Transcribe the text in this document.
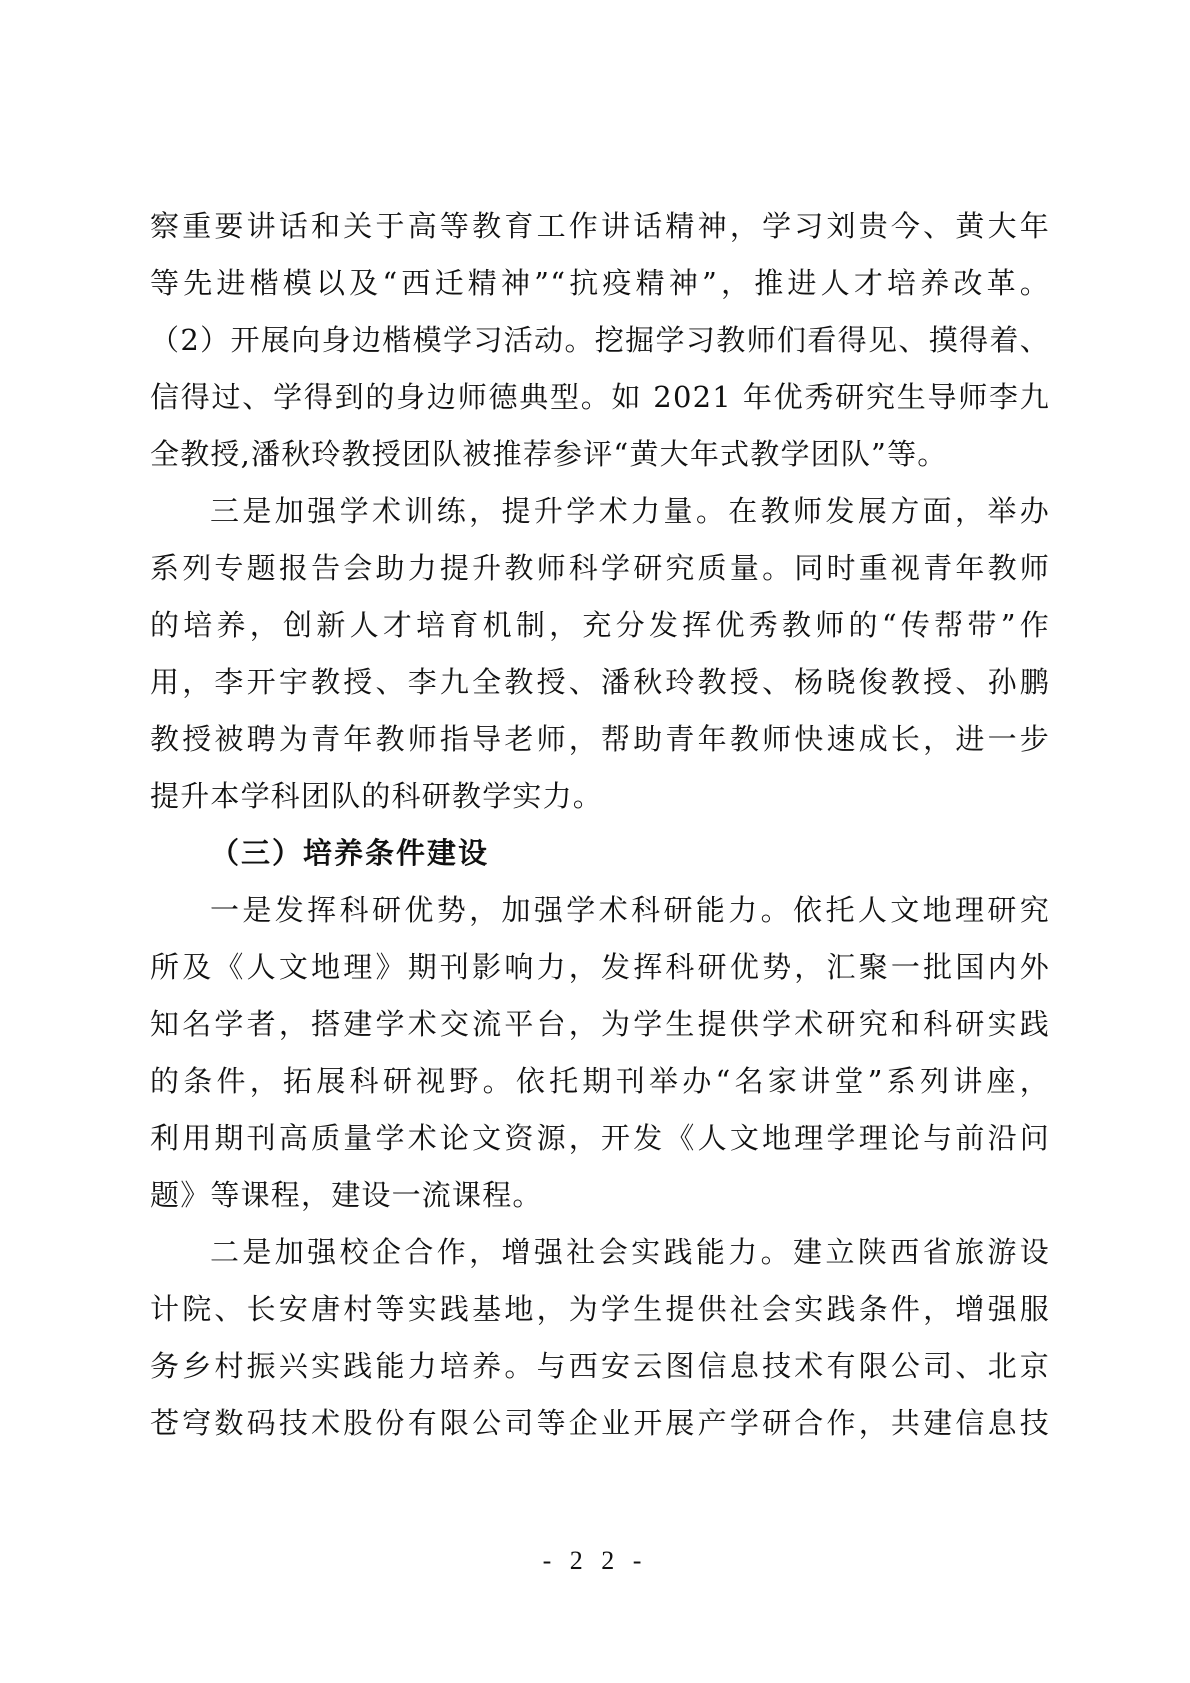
察重要讲话和关于高等教育工作讲话精神，学习刘贵今、黄大年
等先进楷模以及“西迁精神”“抗疫精神”，推进人才培养改革。
（2）开展向身边楷模学习活动。挖掘学习教师们看得见、摸得着、
信得过、学得到的身边师德典型。如 2021 年优秀研究生导师李九
全教授,潘秋玲教授团队被推荐参评“黄大年式教学团队”等。
三是加强学术训练，提升学术力量。在教师发展方面，举办
系列专题报告会助力提升教师科学研究质量。同时重视青年教师
的培养，创新人才培育机制，充分发挥优秀教师的“传帮带”作
用，李开宇教授、李九全教授、潘秋玲教授、杨晓俊教授、孙鹏
教授被聘为青年教师指导老师，帮助青年教师快速成长，进一步
提升本学科团队的科研教学实力。
（三）培养条件建设
一是发挥科研优势，加强学术科研能力。依托人文地理研究
所及《人文地理》期刊影响力，发挥科研优势，汇聚一批国内外
知名学者，搭建学术交流平台，为学生提供学术研究和科研实践
的条件，拓展科研视野。依托期刊举办“名家讲堂”系列讲座，
利用期刊高质量学术论文资源，开发《人文地理学理论与前沿问
题》等课程，建设一流课程。
二是加强校企合作，增强社会实践能力。建立陕西省旅游设
计院、长安唐村等实践基地，为学生提供社会实践条件，增强服
务乡村振兴实践能力培养。与西安云图信息技术有限公司、北京
苍穹数码技术股份有限公司等企业开展产学研合作，共建信息技
- 2 2 -
